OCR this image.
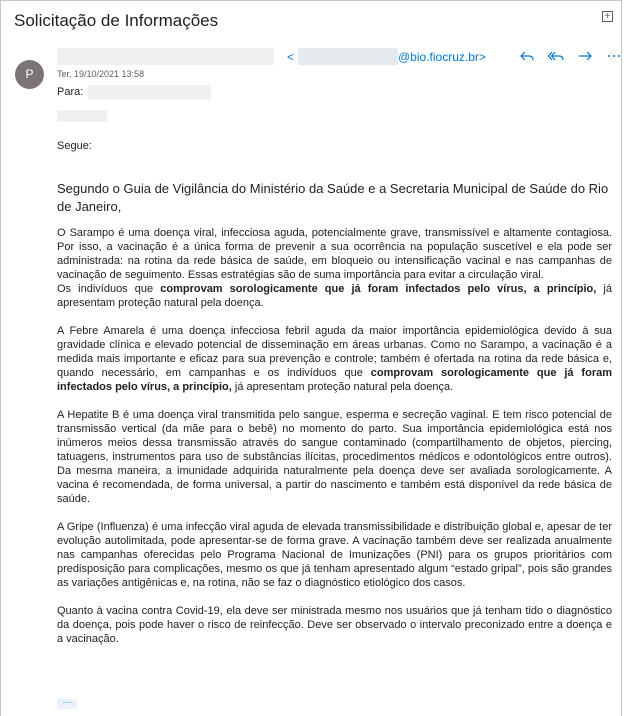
Solicitação de Informações	+
P
<	@bio.fiocruz.br>
Ter, 19/10/2021 13:58
Para:
Segue:
Segundo o Guia de Vigilância do Ministério da Saúde e a Secretaria Municipal de Saúde do Rio de Janeiro,

O Sarampo é uma doença viral, infecciosa aguda, potencialmente grave, transmissível e altamente contagiosa. Por isso, a vacinação é a única forma de prevenir a sua ocorrência na população suscetível e ela pode ser administrada: na rotina da rede básica de saúde, em bloqueio ou intensificação vacinal e nas campanhas de vacinação de seguimento. Essas estratégias são de suma importância para evitar a circulação viral.

Os indivíduos que comprovam sorologicamente que já foram infectados pelo vírus, a princípio, já apresentam proteção natural pela doença.

A Febre Amarela é uma doença infecciosa febril aguda da maior importância epidemiológica devido à sua gravidade clínica e elevado potencial de disseminação em áreas urbanas. Como no Sarampo, a vacinação é a medida mais importante e eficaz para sua prevenção e controle; também é ofertada na rotina da rede básica e, quando necessário, em campanhas e os indivíduos que comprovam sorologicamente que já foram infectados pelo vírus, a princípio, já apresentam proteção natural pela doença.

A Hepatite B é uma doença viral transmitida pelo sangue, esperma e secreção vaginal. E tem risco potencial de transmissão vertical (da mãe para o bebê) no momento do parto. Sua importância epidemiológica está nos inúmeros meios dessa transmissão através do sangue contaminado (compartilhamento de objetos, piercing, tatuagens, instrumentos para uso de substâncias ilícitas, procedimentos médicos e odontológicos entre outros). Da mesma maneira, a imunidade adquirida naturalmente pela doença deve ser avaliada sorologicamente. A vacina é recomendada, de forma universal, a partir do nascimento e também está disponível da rede básica de saúde.

A Gripe (Influenza) é uma infecção viral aguda de elevada transmissibilidade e distribuição global e, apesar de ter evolução autolimitada, pode apresentar-se de forma grave. A vacinação também deve ser realizada anualmente nas campanhas oferecidas pelo Programa Nacional de Imunizações (PNI) para os grupos prioritários com predisposição para complicações, mesmo os que já tenham apresentado algum “estado gripal”, pois são grandes as variações antigênicas e, na rotina, não se faz o diagnóstico etiológico dos casos.

Quanto à vacina contra Covid-19, ela deve ser ministrada mesmo nos usuários que já tenham tido o diagnóstico da doença, pois pode haver o risco de reinfecção. Deve ser observado o intervalo preconizado entre a doença e a vacinação.

···
